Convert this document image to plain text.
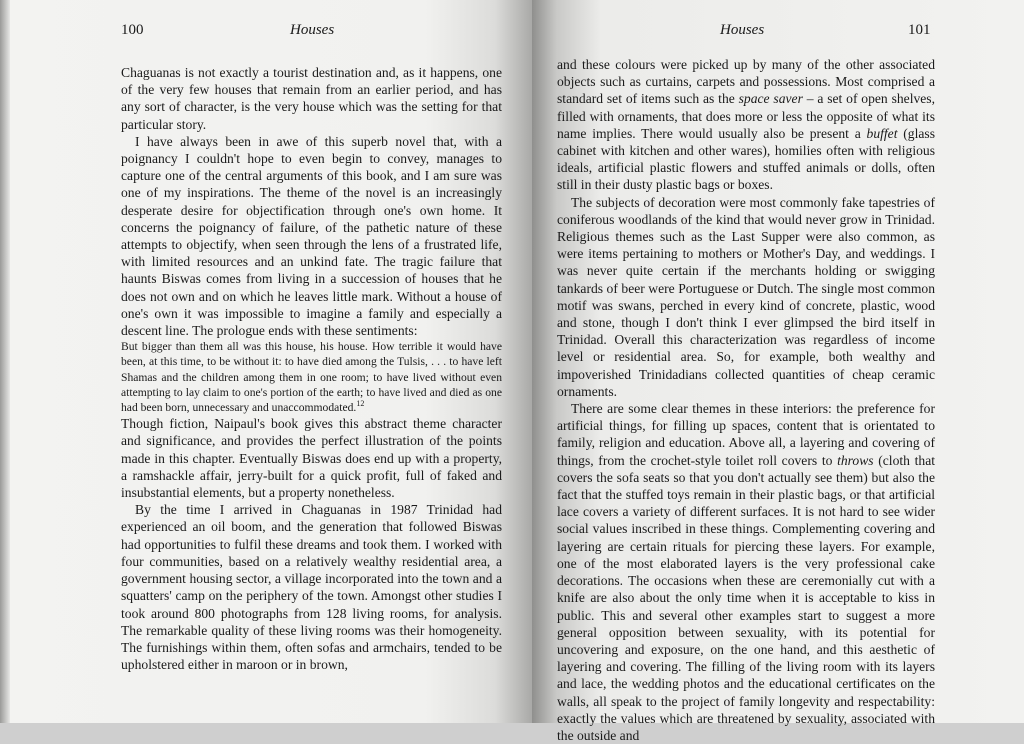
100	Houses

Chaguanas is not exactly a tourist destination and, as it happens, one of the very few houses that remain from an earlier period, and has any sort of character, is the very house which was the setting for that particular story.

I have always been in awe of this superb novel that, with a poignancy I couldn't hope to even begin to convey, manages to capture one of the central arguments of this book, and I am sure was one of my inspirations. The theme of the novel is an increasingly desperate desire for objectification through one's own home. It concerns the poignancy of failure, of the pathetic nature of these attempts to objectify, when seen through the lens of a frustrated life, with limited resources and an unkind fate. The tragic failure that haunts Biswas comes from living in a succession of houses that he does not own and on which he leaves little mark. Without a house of one's own it was impossible to imagine a family and especially a descent line. The prologue ends with these sentiments:

But bigger than them all was this house, his house. How terrible it would have been, at this time, to be without it: to have died among the Tulsis, . . . to have left Shamas and the children among them in one room; to have lived without even attempting to lay claim to one's portion of the earth; to have lived and died as one had been born, unnecessary and unaccommodated.$^{12}$

Though fiction, Naipaul's book gives this abstract theme character and significance, and provides the perfect illustration of the points made in this chapter. Eventually Biswas does end up with a property, a ramshackle affair, jerry-built for a quick profit, full of faked and insubstantial elements, but a property nonetheless.

By the time I arrived in Chaguanas in 1987 Trinidad had experienced an oil boom, and the generation that followed Biswas had opportunities to fulfil these dreams and took them. I worked with four communities, based on a relatively wealthy residential area, a government housing sector, a village incorporated into the town and a squatters' camp on the periphery of the town. Amongst other studies I took around 800 photographs from 128 living rooms, for analysis. The remarkable quality of these living rooms was their homogeneity. The furnishings within them, often sofas and armchairs, tended to be upholstered either in maroon or in brown,

Houses	101

and these colours were picked up by many of the other associated objects such as curtains, carpets and possessions. Most comprised a standard set of items such as the space saver – a set of open shelves, filled with ornaments, that does more or less the opposite of what its name implies. There would usually also be present a buffet (glass cabinet with kitchen and other wares), homilies often with religious ideals, artificial plastic flowers and stuffed animals or dolls, often still in their dusty plastic bags or boxes.

The subjects of decoration were most commonly fake tapestries of coniferous woodlands of the kind that would never grow in Trinidad. Religious themes such as the Last Supper were also common, as were items pertaining to mothers or Mother's Day, and weddings. I was never quite certain if the merchants holding or swigging tankards of beer were Portuguese or Dutch. The single most common motif was swans, perched in every kind of concrete, plastic, wood and stone, though I don't think I ever glimpsed the bird itself in Trinidad. Overall this characterization was regardless of income level or residential area. So, for example, both wealthy and impoverished Trinidadians collected quantities of cheap ceramic ornaments.

There are some clear themes in these interiors: the preference for artificial things, for filling up spaces, content that is orientated to family, religion and education. Above all, a layering and covering of things, from the crochet-style toilet roll covers to throws (cloth that covers the sofa seats so that you don't actually see them) but also the fact that the stuffed toys remain in their plastic bags, or that artificial lace covers a variety of different surfaces. It is not hard to see wider social values inscribed in these things. Complementing covering and layering are certain rituals for piercing these layers. For example, one of the most elaborated layers is the very professional cake decorations. The occasions when these are ceremonially cut with a knife are also about the only time when it is acceptable to kiss in public. This and several other examples start to suggest a more general opposition between sexuality, with its potential for uncovering and exposure, on the one hand, and this aesthetic of layering and covering. The filling of the living room with its layers and lace, the wedding photos and the educational certificates on the walls, all speak to the project of family longevity and respectability: exactly the values which are threatened by sexuality, associated with the outside and
